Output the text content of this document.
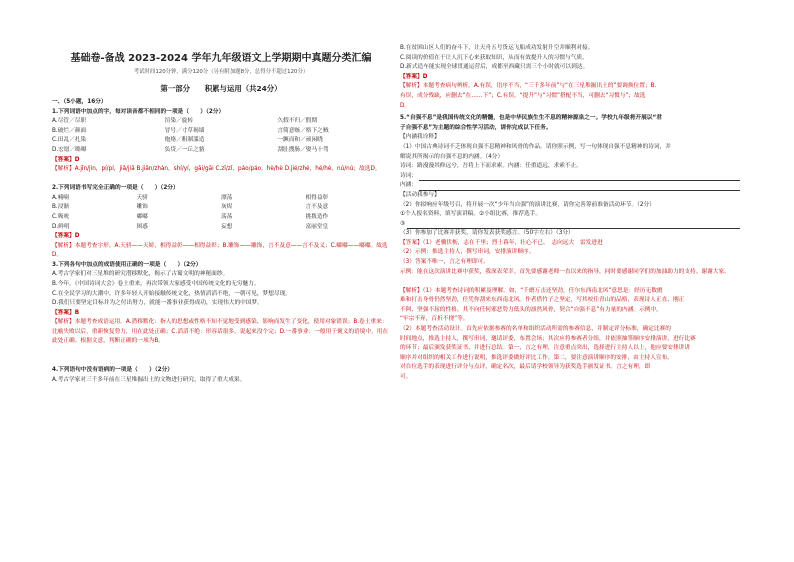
基础卷-备战 2023-2024 学年九年级语文上学期期中真题分类汇编
考试时间120分钟，满分120分（另有附加题8分，总得分不超过120分）
第一部分　　积累与运用（共24分）
一、（5小题，16分）
1.下列词语中加点的字，每对读音都不相同的一项是（　　）（2分）
A.尽管／尽职	渲染／旋转	久假不归／假期
B.破烂／颜面	冒号／寸草褐墙	言简意赅／格下之贼
C.田乱／扎染	炮烙／粗制滥造	一蹶而和／顽闲晓
D.宏愿／略曝	负贷／一丘之貉	刮肚搜肠／娶马十驾
【答案】D
【解析】A.jǐn/jìn，pí/pí，jiǎ/jiǎ B.jiān/zhàn，shí/yí，gāi/gāi C.zǐ/zǐ，páo/páo，hè/hè D.jié/zhé，hé/hé，nú/nú；故选D。
2.下列词语书写完全正确的一项是（　　）（2分）
A.喃喃	天骄	漂荡	相得益彰
B.浸渐	雕饰	灰烬	言不及意
C.吸吮	嘟嘟	荡荡	挑拨造作
D.鲜明	困惑	妄想	富丽堂皇
【答案】D
【解析】本题考查字形。A.天骄——天娇，相得益彰——相得益彰；B.雕饰——雕饰，言不及意——言不及义；C.嘟嘟——嘟嘟。故选D。
3.下列各句中加点的成语使用正确的一项是（　　）（2分）
A.考古学家们对三星堆的研究潜移默化，揭示了古蜀文明的神秘面纱。
B.今年，《中国诗词大会》卷土重来，再次带领大家感受中国传统文化的无穷魅力。
C.在全民学习的大潮中，许多年轻人开始接触传统文化，热情滔滔不绝，一朝可见，梦想尽现。
D.我们只要坚定目标并为之付出努力，就能一番事业获得成功，实现伟大的中国梦。
【答案】B
【解析】本题考查成语运用。A.潜移默化：指人的思想或性格不知不觉地受到感染、影响而发生了变化，使用对象错误；B.卷土重来：比喻失败以后，重新恢复势力，用在此处正确；C.滔滔不绝：形容话很多，说起来没个完；D.一番事业：一般用于褒义的语境中，用在此处正确。根据文意，判断正确的一项为B。
4.下列语句中没有语病的一项是（　　）（2分）
A.考古学家对三千多年前在三星堆掘出土的文物进行研究，取得了重大成果。
B.在贫困山区人们的奋斗下，让天舟五号货运飞船成功发射升空并顺利对接。
C.阅读的价值在于让人沉下心来获取知识，从而有效提升人的习惯与气质。
D.新式造车能实现全球贯通运营后，成都至西藏只需三个小时就可以到达。
【答案】D
【解析】本题考查病句辨析。A.有误，语序不当，“三千多年前”与“在三星堆掘出土的”要调换位置；B.
有误，成分残缺，应删去“在……下”；C.有误，“提升”与“习惯”搭配不当，可删去“习惯与”；故选
D。
5.“自强不息”是我国传统文化的精髓，也是中华民族生生不息的精神源泉之一。学校九年级将开展以“君
子自强不息”为主题的综合性学习活动，请你完成以下任务。
【内涵我诠释】
（1）中国古典诗词不乏体现自强不息精神和风骨的作品。请你照示例，写一句体现自强不息精神的诗词，并
解说其所揭示的自强不息的内涵。（4分）
诗词：路漫漫其修远兮，吾将上下而求索。内涵：任重道远，求索不止。
诗词：
内涵：
【活动我参与】
（2）你拟响应年级号召，将开展一次“少年当自强”的演讲比赛，请你完善筹前准备活动环节。（2分）
①个人报名资料，填写演讲稿。②小组比赛，推荐选手。
③
（3）你参加了比赛并获奖，请你发表获奖感言。（50字左右）（3分）
【答案】（1）老骥伏枥，志在千里；烈士暮年，壮心不已。　志向远大　雷发进进
（2）示例：推选主持人，撰写串词，安排演讲顺序。
（3）答案不唯一，言之有理即可。
示例：能在这次演讲比赛中获奖，我深表荣幸。首先要感谢老师一直以来的指导，同时要感谢同学们的加油助力的支持。谢谢大家。
【解析】（1）本题考查诗词的积累及理解。如，“千磨万击还坚劲，任尔东西南北风”意思是：经历无数磨
难和打击身骨仍然坚劲，任凭你刮来东西南北风。作者借竹子之坚定，写其咬住青山的品格，表现诗人正直、刚正
不阿、坚强不屈的性格。其不向任何邪恶势力低头的凛然风骨，契合“自强不息”有力量的内涵。示例中，
“牢宗不弃，百折不挠”等。
（2）本题考查活动设计。首先应依据参赛的名单和组织活动所需的参赛信息，并制定评分标准，确定比赛的
时间地点，推选主持人，撰写串词，邀请评委，布置会场；其次应将参赛者分组，并依照抽签顺序安排演讲，进行比赛
的环节；最后颁发获奖证书，并进行总结。第一，言之有理，注意重点突出，选择进行主持人以上，他应要安排讲讲
顺序并对组织的相关工作进行说明，推选评委做好评比工作。第二，要注意演讲顺序的安排，由主持人宣布。
对台位选手的表现进行评分与点评，确定名次，最后请学校领导为获奖选手颁发证书。言之有理，即
可。
